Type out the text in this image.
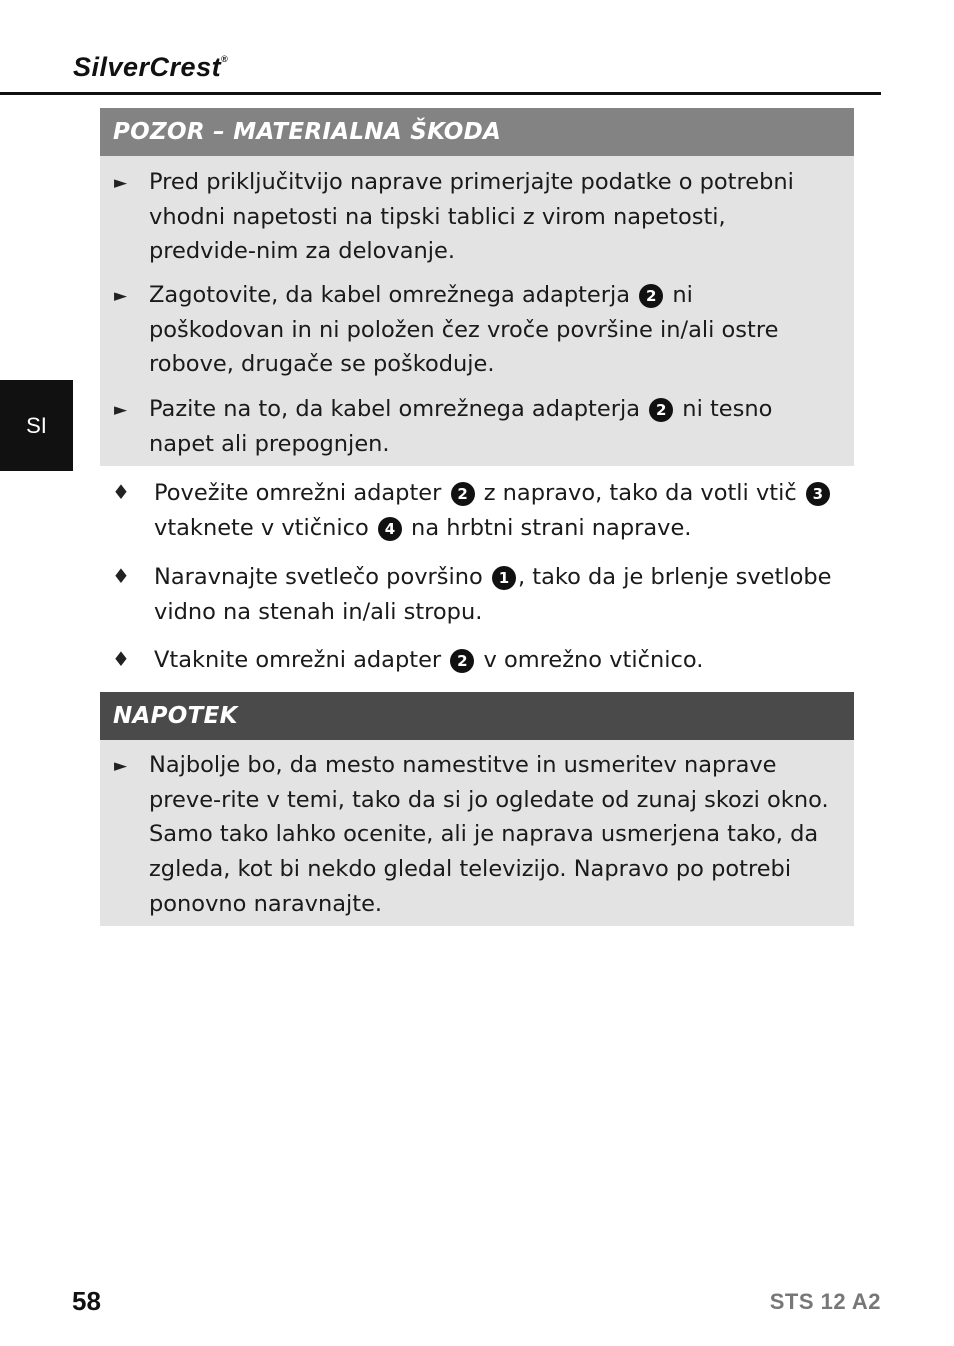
SilverCrest®
SI
POZOR – MATERIALNA ŠKODA
► Pred priključitvijo naprave primerjajte podatke o potrebni vhodni napetosti na tipski tablici z virom napetosti, predvide-nim za delovanje.
► Zagotovite, da kabel omrežnega adapterja 2 ni poškodovan in ni položen čez vroče površine in/ali ostre robove, drugače se poškoduje.
► Pazite na to, da kabel omrežnega adapterja 2 ni tesno napet ali prepognjen.
♦ Povežite omrežni adapter 2 z napravo, tako da votli vtič 3 vtaknete v vtičnico 4 na hrbtni strani naprave.
♦ Naravnajte svetlečo površino 1 , tako da je brlenje svetlobe vidno na stenah in/ali stropu.
♦ Vtaknite omrežni adapter 2 v omrežno vtičnico.
NAPOTEK
► Najbolje bo, da mesto namestitve in usmeritev naprave preve-rite v temi, tako da si jo ogledate od zunaj skozi okno. Samo tako lahko ocenite, ali je naprava usmerjena tako, da zgleda, kot bi nekdo gledal televizijo. Napravo po potrebi ponovno naravnajte.
58	STS 12 A2
